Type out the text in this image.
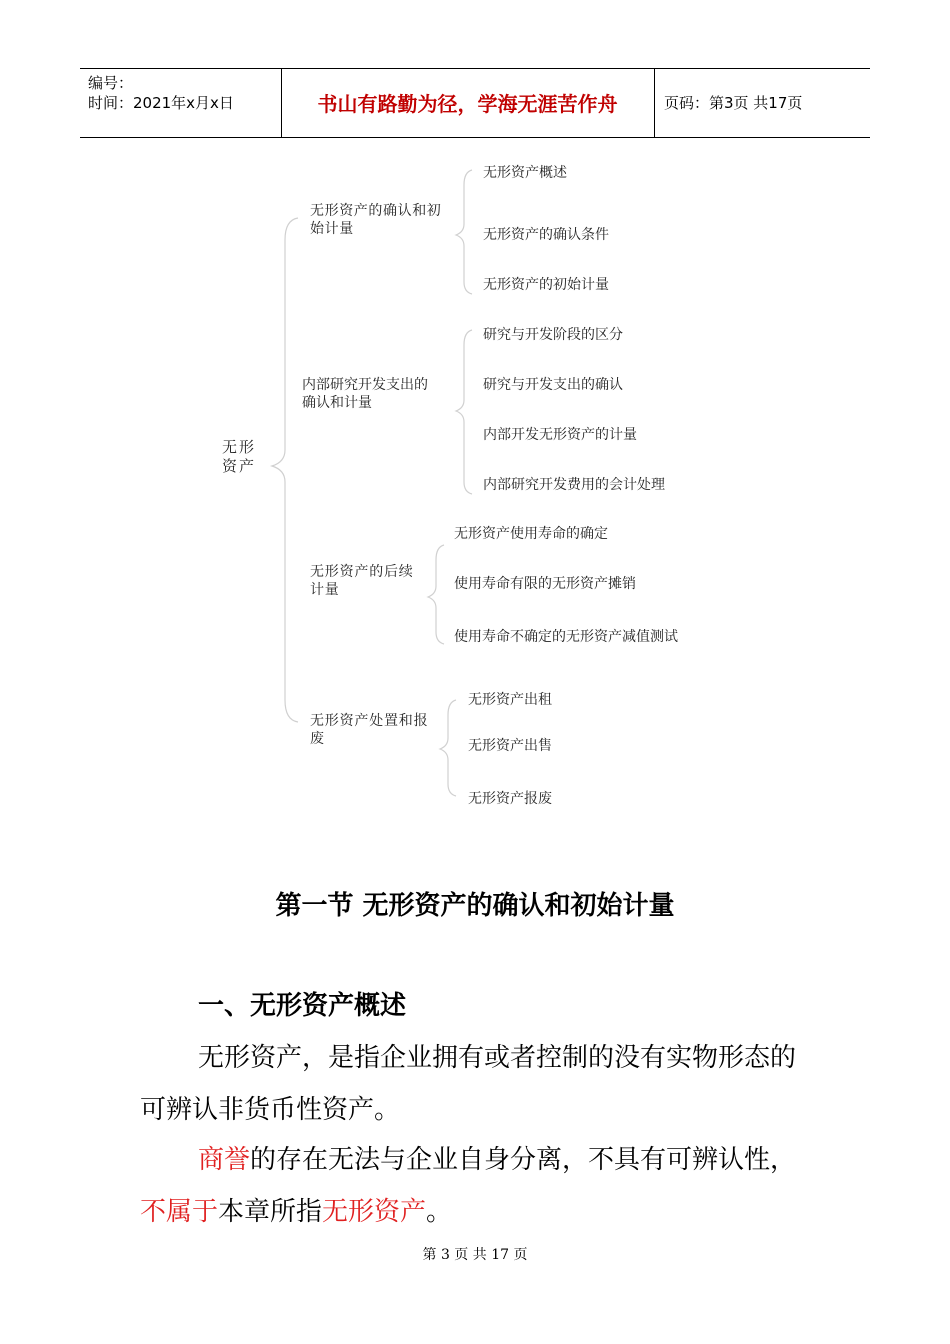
编号：
时间：2021年x月x日	书山有路勤为径，学海无涯苦作舟	页码：第3页 共17页
无形资产
无形资产的确认和初始计量
无形资产概述
无形资产的确认条件
无形资产的初始计量
内部研究开发支出的确认和计量
研究与开发阶段的区分
研究与开发支出的确认
内部开发无形资产的计量
内部研究开发费用的会计处理
无形资产的后续计量
无形资产使用寿命的确定
使用寿命有限的无形资产摊销
使用寿命不确定的无形资产减值测试
无形资产处置和报废
无形资产出租
无形资产出售
无形资产报废
第一节 无形资产的确认和初始计量
一、无形资产概述
无形资产，是指企业拥有或者控制的没有实物形态的可辨认非货币性资产。
商誉的存在无法与企业自身分离，不具有可辨认性，不属于本章所指无形资产。
第 3 页 共 17 页
